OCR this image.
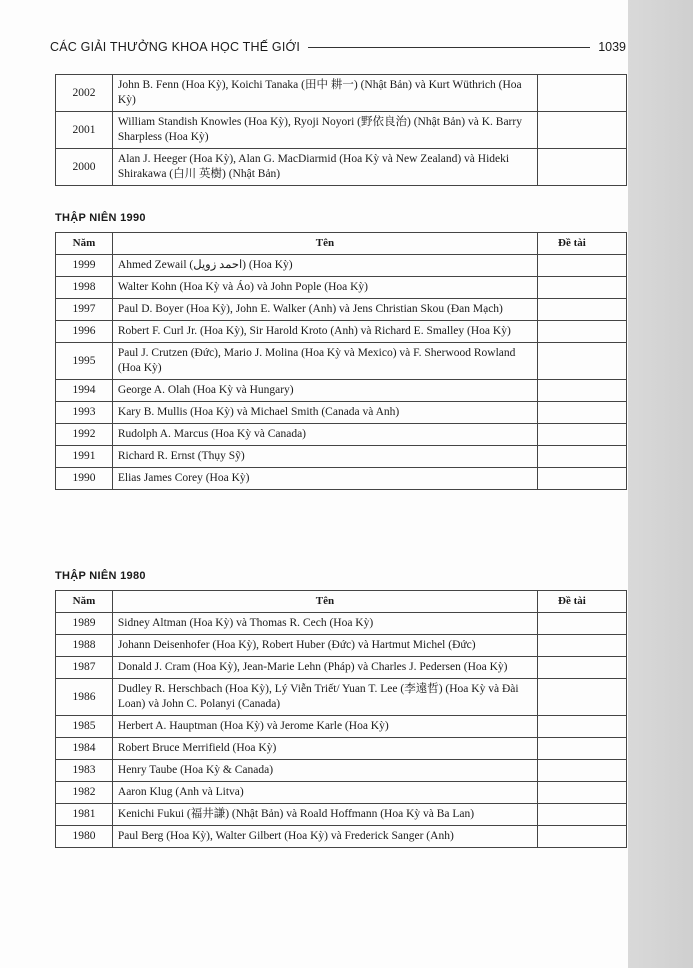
CÁC GIẢI THƯỞNG KHOA HỌC THẾ GIỚI	1039
2002	John B. Fenn (Hoa Kỳ), Koichi Tanaka (田中 耕一) (Nhật Bản) và Kurt Wüthrich (Hoa Kỳ)	
2001	William Standish Knowles (Hoa Kỳ), Ryoji Noyori (野依良治) (Nhật Bản) và K. Barry Sharpless (Hoa Kỳ)	
2000	Alan J. Heeger (Hoa Kỳ), Alan G. MacDiarmid (Hoa Kỳ và New Zealand) và Hideki Shirakawa (白川 英樹) (Nhật Bản)	
THẬP NIÊN 1990
Năm	Tên	Đề tài
1999	Ahmed Zewail (احمد زويل) (Hoa Kỳ)	
1998	Walter Kohn (Hoa Kỳ và Áo) và John Pople (Hoa Kỳ)	
1997	Paul D. Boyer (Hoa Kỳ), John E. Walker (Anh) và Jens Christian Skou (Đan Mạch)	
1996	Robert F. Curl Jr. (Hoa Kỳ), Sir Harold Kroto (Anh) và Richard E. Smalley (Hoa Kỳ)	
1995	Paul J. Crutzen (Đức), Mario J. Molina (Hoa Kỳ và Mexico) và F. Sherwood Rowland (Hoa Kỳ)	
1994	George A. Olah (Hoa Kỳ và Hungary)	
1993	Kary B. Mullis (Hoa Kỳ) và Michael Smith (Canada và Anh)	
1992	Rudolph A. Marcus (Hoa Kỳ và Canada)	
1991	Richard R. Ernst (Thụy Sỹ)	
1990	Elias James Corey (Hoa Kỳ)	
THẬP NIÊN 1980
Năm	Tên	Đề tài
1989	Sidney Altman (Hoa Kỳ) và Thomas R. Cech (Hoa Kỳ)	
1988	Johann Deisenhofer (Hoa Kỳ), Robert Huber (Đức) và Hartmut Michel (Đức)	
1987	Donald J. Cram (Hoa Kỳ), Jean-Marie Lehn (Pháp) và Charles J. Pedersen (Hoa Kỳ)	
1986	Dudley R. Herschbach (Hoa Kỳ), Lý Viễn Triết/ Yuan T. Lee (李遠哲) (Hoa Kỳ và Đài Loan) và John C. Polanyi (Canada)	
1985	Herbert A. Hauptman (Hoa Kỳ) và Jerome Karle (Hoa Kỳ)	
1984	Robert Bruce Merrifield (Hoa Kỳ)	
1983	Henry Taube (Hoa Kỳ & Canada)	
1982	Aaron Klug (Anh và Litva)	
1981	Kenichi Fukui (福井謙) (Nhật Bản) và Roald Hoffmann (Hoa Kỳ và Ba Lan)	
1980	Paul Berg (Hoa Kỳ), Walter Gilbert (Hoa Kỳ) và Frederick Sanger (Anh)	
